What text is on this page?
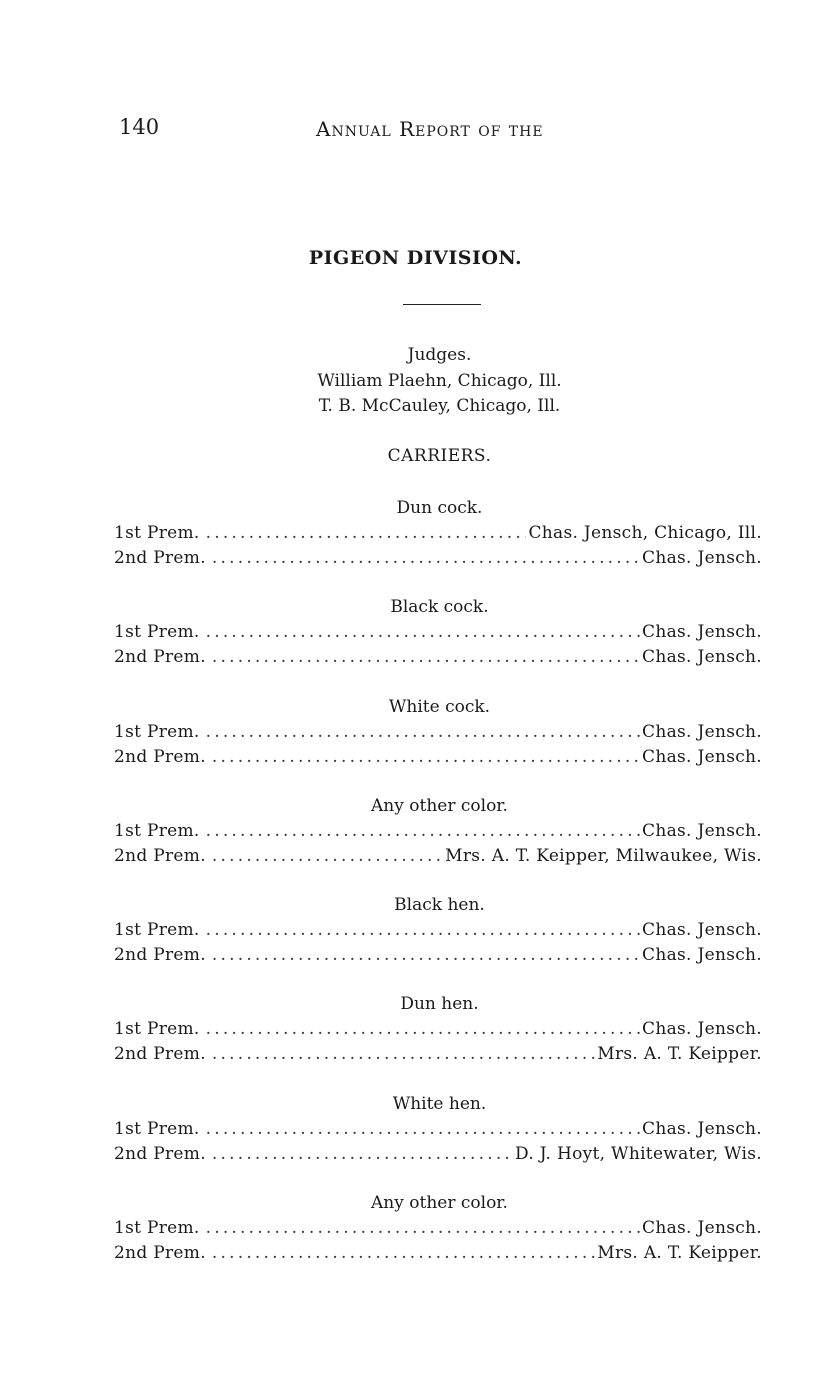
140	Annual Report of the
PIGEON DIVISION.
Judges.
William Plaehn, Chicago, Ill.
T. B. McCauley, Chicago, Ill.
CARRIERS.
Dun cock.
1st Prem. .....	Chas. Jensch, Chicago, Ill.
2nd Prem. .....	Chas. Jensch.
Black cock.
1st Prem. .....	Chas. Jensch.
2nd Prem. .....	Chas. Jensch.
White cock.
1st Prem. .....	Chas. Jensch.
2nd Prem. .....	Chas. Jensch.
Any other color.
1st Prem. .....	Chas. Jensch.
2nd Prem. .....	Mrs. A. T. Keipper, Milwaukee, Wis.
Black hen.
1st Prem. .....	Chas. Jensch.
2nd Prem. .....	Chas. Jensch.
Dun hen.
1st Prem. .....	Chas. Jensch.
2nd Prem. .....	Mrs. A. T. Keipper.
White hen.
1st Prem. .....	Chas. Jensch.
2nd Prem. .....	D. J. Hoyt, Whitewater, Wis.
Any other color.
1st Prem. .....	Chas. Jensch.
2nd Prem. .....	Mrs. A. T. Keipper.
